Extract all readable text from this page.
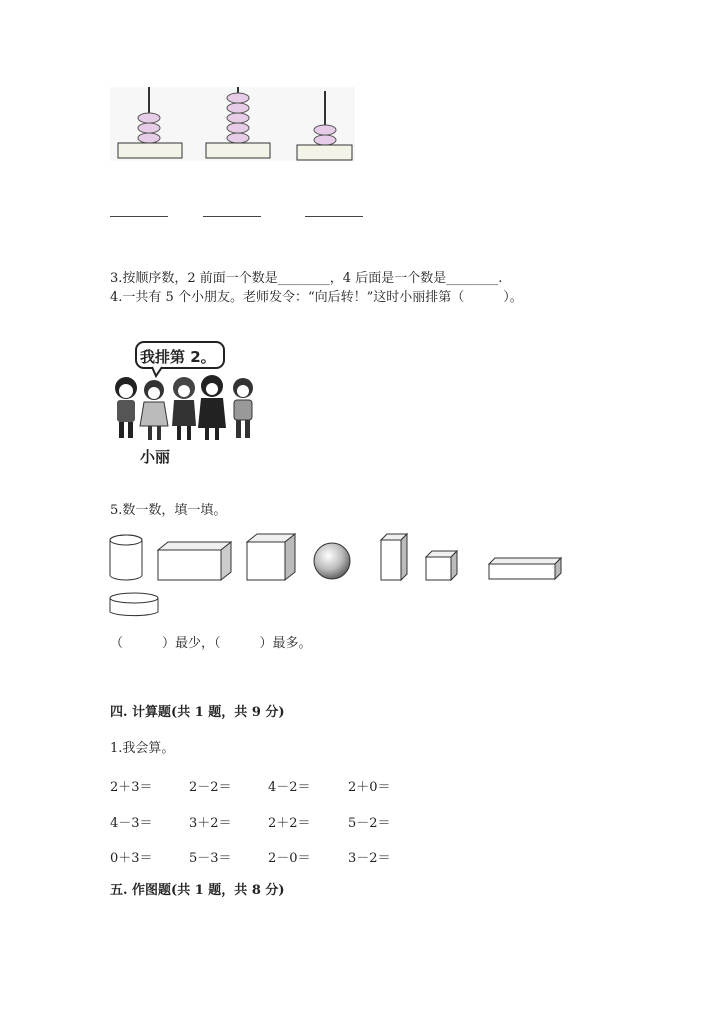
3.按顺序数，2 前面一个数是________，4 后面是一个数是________.
4.一共有 5 个小朋友。老师发令：“向后转！”这时小丽排第（　　　）。
我排第 2。
小丽
5.数一数，填一填。
（　　　）最少，（　　　）最多。
四. 计算题(共 1 题，共 9 分)
1.我会算。
2＋3＝	2－2＝	4－2＝	2＋0＝
4－3＝	3＋2＝	2＋2＝	5－2＝
0＋3＝	5－3＝	2－0＝	3－2＝
五. 作图题(共 1 题，共 8 分)
